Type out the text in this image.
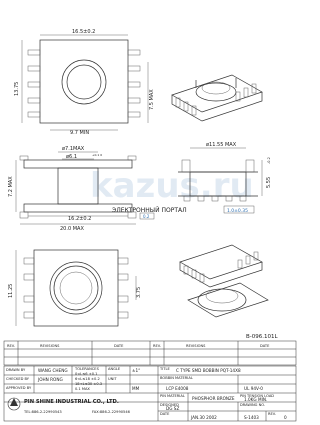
16.5±0.2
13.75
7.5 MAX
9.7 MIN
kazus.ru
ЭЛЕКТРОННЫЙ ПОРТАЛ
ø7.1MAX
ø6.1	+0.1 0
7.2 MAX
16.2±0.2	0.2
20.0 MAX
ø11.55 MAX
5.55
-0.2
1.0±0.35
11.25	3.75
B-096.101L
REV.	REVISIONS	DATE	REV.	REVISIONS	DATE
DRAWN BY	WANG CHENG
CHECKED BY JOHN RONG
APPROVED BY
TOLERANCES
0<L≤6 ±0.1
6<L≤18 ±0.2
18<L≤30 ±0.3
0.1 MAX
ANGLE	±1°
UNIT
MM
TITLE C TYPE SMD BOBBIN PQT-14X8
BOBBIN MATERIAL
LCP E4008	UL 94V-0
PIN MATERIAL PHOSPHOR BRONZE PIN TENSION LOAD
1.0KG MIN.
DESIGNED
DG SZ
DATE
JAN.30 2002
DRAWING NO.
S-1403
REV.
0
PIN SHINE INDUSTRIAL CO., LTD.
TEL:886-2-22990543	FAX:886-2-22990546
